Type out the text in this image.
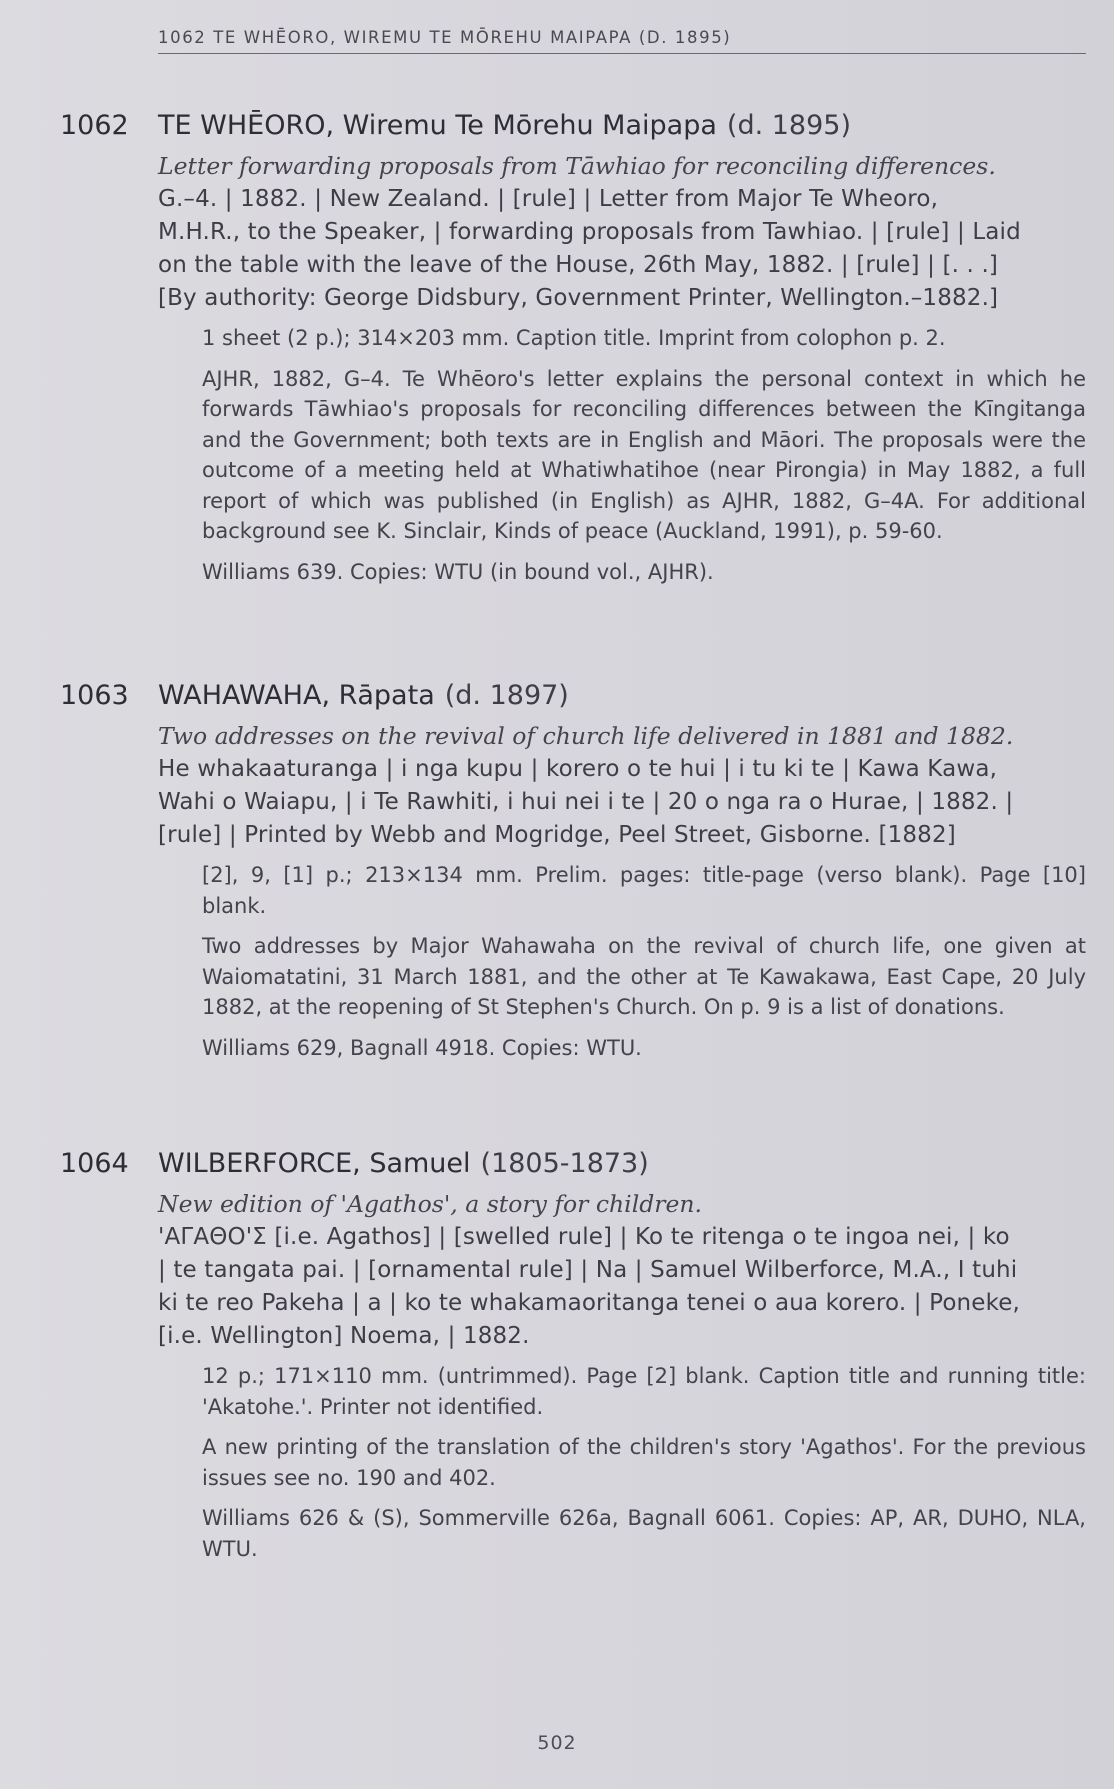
1062 TE WHĒORO, WIREMU TE MŌREHU MAIPAPA (D. 1895)
1062 TE WHĒORO, Wiremu Te Mōrehu Maipapa (d. 1895)
Letter forwarding proposals from Tāwhiao for reconciling differences.
G.–4. | 1882. | New Zealand. | [rule] | Letter from Major Te Wheoro,
M.H.R., to the Speaker, | forwarding proposals from Tawhiao. | [rule] | Laid
on the table with the leave of the House, 26th May, 1882. | [rule] | [. . .]
[By authority: George Didsbury, Government Printer, Wellington.–1882.]

1 sheet (2 p.); 314×203 mm. Caption title. Imprint from colophon p. 2.

AJHR, 1882, G–4. Te Whēoro's letter explains the personal context in which he forwards Tāwhiao's proposals for reconciling differences between the Kīngitanga and the Government; both texts are in English and Māori. The proposals were the outcome of a meeting held at Whatiwhatihoe (near Pirongia) in May 1882, a full report of which was published (in English) as AJHR, 1882, G–4A. For additional background see K. Sinclair, Kinds of peace (Auckland, 1991), p. 59-60.

Williams 639. Copies: WTU (in bound vol., AJHR).

1063 WAHAWAHA, Rāpata (d. 1897)
Two addresses on the revival of church life delivered in 1881 and 1882.
He whakaaturanga | i nga kupu | korero o te hui | i tu ki te | Kawa Kawa,
Wahi o Waiapu, | i Te Rawhiti, i hui nei i te | 20 o nga ra o Hurae, | 1882. |
[rule] | Printed by Webb and Mogridge, Peel Street, Gisborne. [1882]

[2], 9, [1] p.; 213×134 mm. Prelim. pages: title-page (verso blank). Page [10] blank.

Two addresses by Major Wahawaha on the revival of church life, one given at Waiomatatini, 31 March 1881, and the other at Te Kawakawa, East Cape, 20 July 1882, at the reopening of St Stephen's Church. On p. 9 is a list of donations.

Williams 629, Bagnall 4918. Copies: WTU.

1064 WILBERFORCE, Samuel (1805-1873)
New edition of 'Agathos', a story for children.
'ΑΓΑΘΟ'Σ [i.e. Agathos] | [swelled rule] | Ko te ritenga o te ingoa nei, | ko
| te tangata pai. | [ornamental rule] | Na | Samuel Wilberforce, M.A., I tuhi
ki te reo Pakeha | a | ko te whakamaoritanga tenei o aua korero. | Poneke,
[i.e. Wellington] Noema, | 1882.

12 p.; 171×110 mm. (untrimmed). Page [2] blank. Caption title and running title: 'Akatohe.'. Printer not identified.

A new printing of the translation of the children's story 'Agathos'. For the previous issues see no. 190 and 402.

Williams 626 & (S), Sommerville 626a, Bagnall 6061. Copies: AP, AR, DUHO, NLA, WTU.

502
